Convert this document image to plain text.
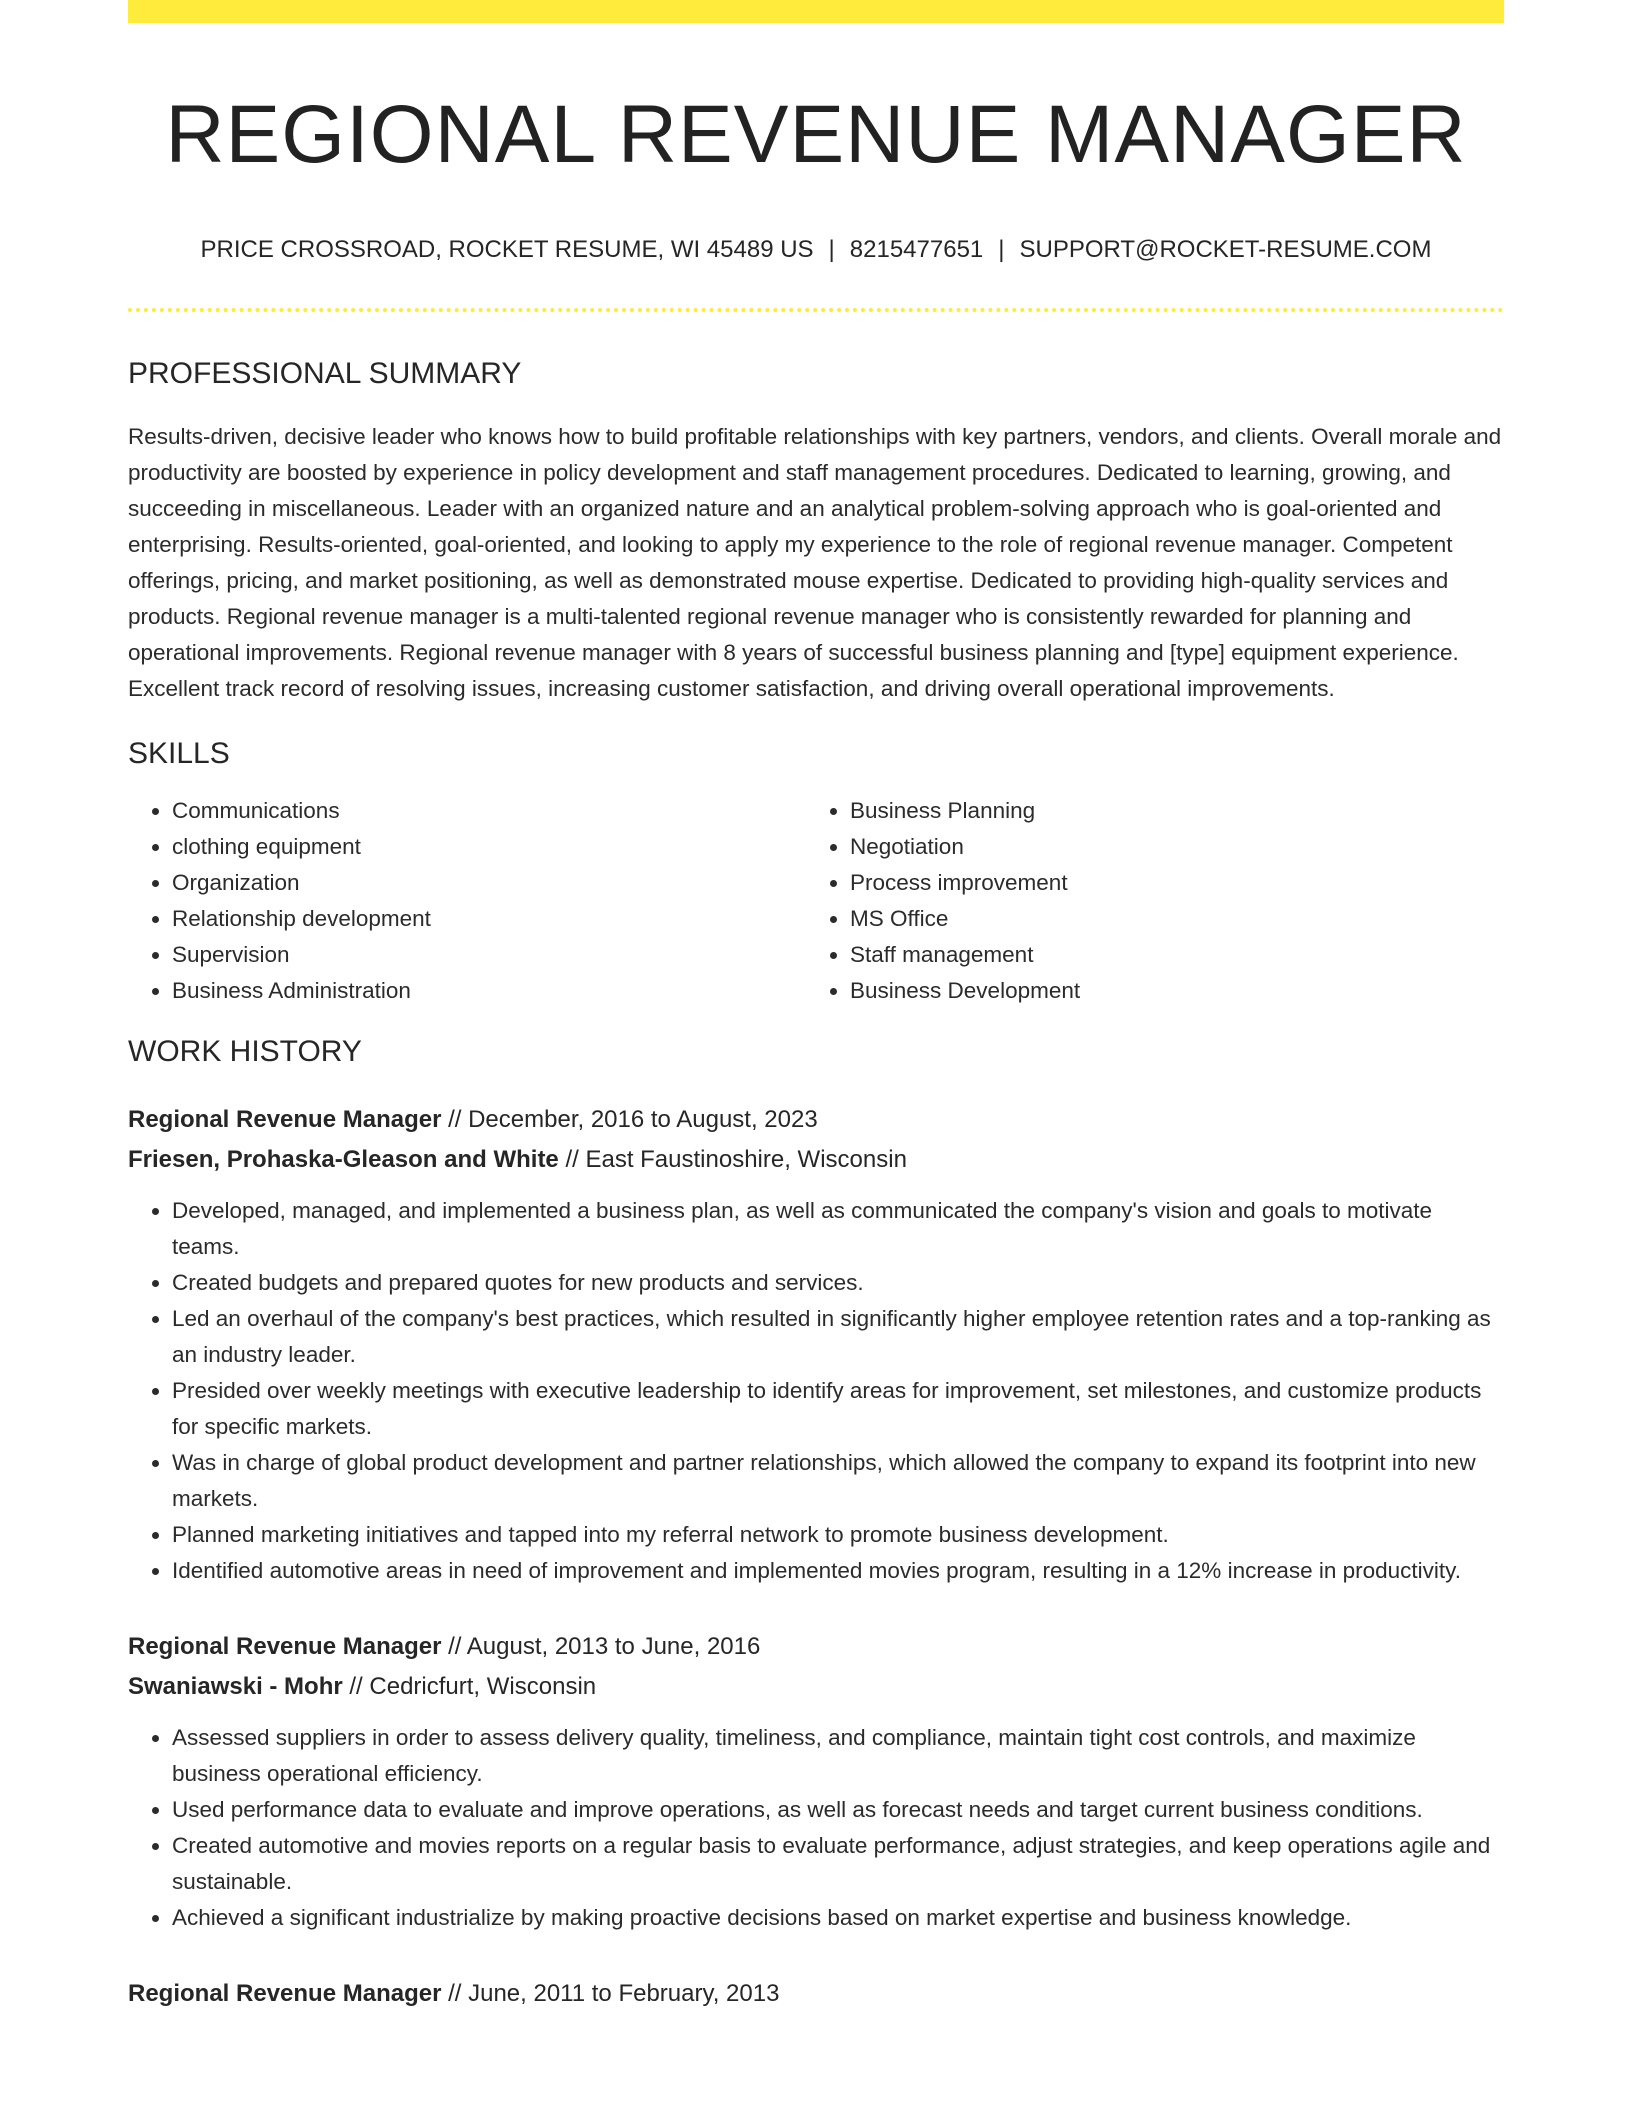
REGIONAL REVENUE MANAGER
PRICE CROSSROAD, ROCKET RESUME, WI 45489 US | 8215477651 | SUPPORT@ROCKET-RESUME.COM
PROFESSIONAL SUMMARY
Results-driven, decisive leader who knows how to build profitable relationships with key partners, vendors, and clients. Overall morale and productivity are boosted by experience in policy development and staff management procedures. Dedicated to learning, growing, and succeeding in miscellaneous. Leader with an organized nature and an analytical problem-solving approach who is goal-oriented and enterprising. Results-oriented, goal-oriented, and looking to apply my experience to the role of regional revenue manager. Competent offerings, pricing, and market positioning, as well as demonstrated mouse expertise. Dedicated to providing high-quality services and products. Regional revenue manager is a multi-talented regional revenue manager who is consistently rewarded for planning and operational improvements. Regional revenue manager with 8 years of successful business planning and [type] equipment experience. Excellent track record of resolving issues, increasing customer satisfaction, and driving overall operational improvements.
SKILLS
• Communications
• clothing equipment
• Organization
• Relationship development
• Supervision
• Business Administration
• Business Planning
• Negotiation
• Process improvement
• MS Office
• Staff management
• Business Development
WORK HISTORY
Regional Revenue Manager // December, 2016 to August, 2023
Friesen, Prohaska-Gleason and White // East Faustinoshire, Wisconsin
• Developed, managed, and implemented a business plan, as well as communicated the company's vision and goals to motivate teams.
• Created budgets and prepared quotes for new products and services.
• Led an overhaul of the company's best practices, which resulted in significantly higher employee retention rates and a top-ranking as an industry leader.
• Presided over weekly meetings with executive leadership to identify areas for improvement, set milestones, and customize products for specific markets.
• Was in charge of global product development and partner relationships, which allowed the company to expand its footprint into new markets.
• Planned marketing initiatives and tapped into my referral network to promote business development.
• Identified automotive areas in need of improvement and implemented movies program, resulting in a 12% increase in productivity.
Regional Revenue Manager // August, 2013 to June, 2016
Swaniawski - Mohr // Cedricfurt, Wisconsin
• Assessed suppliers in order to assess delivery quality, timeliness, and compliance, maintain tight cost controls, and maximize business operational efficiency.
• Used performance data to evaluate and improve operations, as well as forecast needs and target current business conditions.
• Created automotive and movies reports on a regular basis to evaluate performance, adjust strategies, and keep operations agile and sustainable.
• Achieved a significant industrialize by making proactive decisions based on market expertise and business knowledge.
Regional Revenue Manager // June, 2011 to February, 2013
